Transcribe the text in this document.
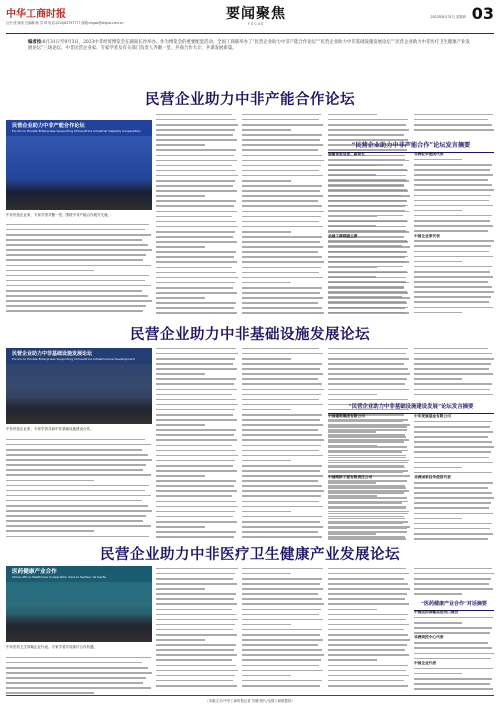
中华工商时报
社长:张 顾来 总编辑:杨 学 琦 电话:(010)82757777 邮箱:zhgsb@zhgsb.com.cn
要闻聚焦
FOCUS
2023年8月31日 星期四 03
编者按:8月31日至9月3日，2023中非经贸博览会在湖南长沙举办。作为博览会的重要配套活动，全国工商联举办了“民营企业助力中非产能合作论坛”“民营企业助力中非基础设施发展论坛”“民营企业助力中非医疗卫生健康产业发展论坛”三场论坛，中非民营企业家、专家学者及有关部门负责人齐聚一堂，共商合作大计，共谋发展新篇。
民营企业助力中非产能合作论坛
民营企业助力中非产能合作论坛
Forum on Private Enterprises Supporting China-Africa Industrial Capacity Cooperation
中非民营企业家、专家学者共聚一堂，围绕中非产能合作展开交流。
“民营企业助力中非产能合作”论坛发言摘要
湖南省委常委、副省长
全国工商联副主席
非洲驻华使团代表
中国企业家代表
民营企业助力中非基础设施发展论坛
民营企业助力中非基础设施发展论坛
Forum on Private Enterprises Supporting China-Africa Infrastructure Development
中非民营企业家、专家学者共商中非基础设施建设合作。
“民营企业助力中非基础设施建设发展”论坛发言摘要
中国建筑集团有限公司
中国路桥工程有限责任公司
中非发展基金有限公司
非洲国家驻华使馆代表
民营企业助力中非医疗卫生健康产业发展论坛
医药健康产业合作
China–Africa Healthcare Cooperation dans le Secteur de Santé
中非医药卫生领域企业代表、专家学者共同探讨合作机遇。
“医药健康产业合作”对话摘要
中国医药保健品进出口商会
非洲疾控中心代表
中国企业代表
（本版文字/中华工商时报记者 苏珊 图片/全国工商联提供）
